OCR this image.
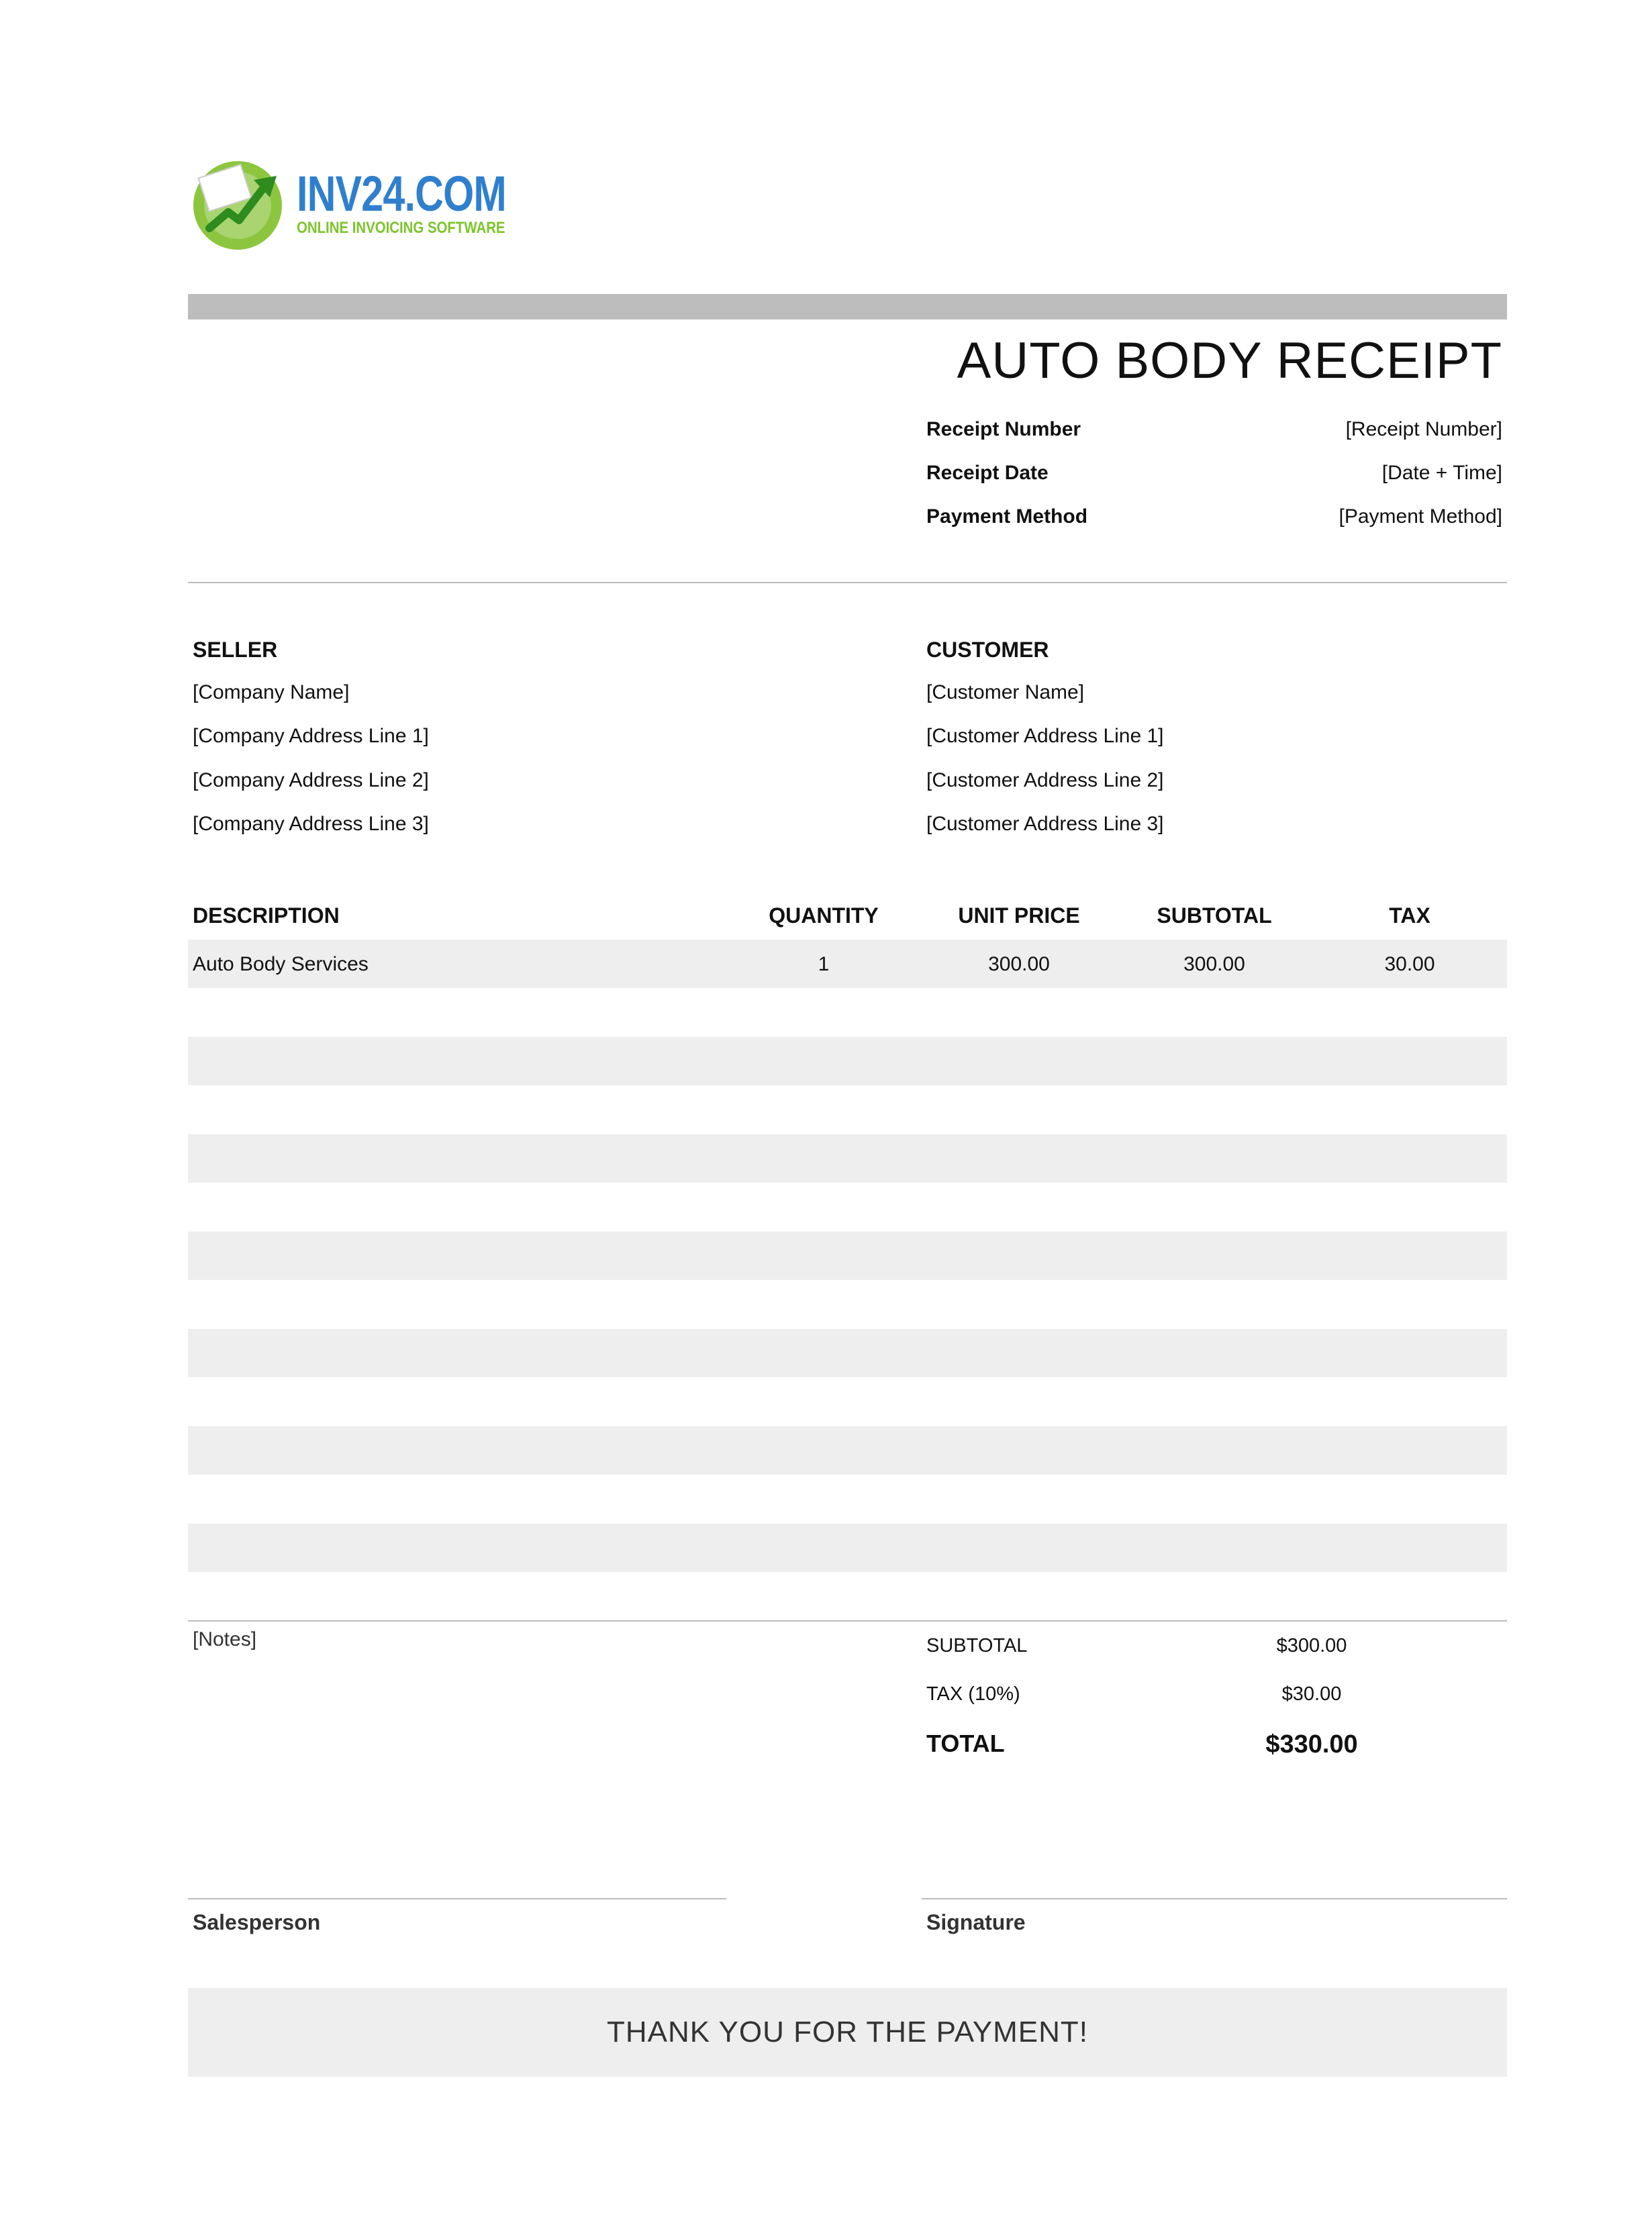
INV24.COM
ONLINE INVOICING SOFTWARE
AUTO BODY RECEIPT
Receipt Number	[Receipt Number]
Receipt Date	[Date + Time]
Payment Method	[Payment Method]
SELLER
[Company Name]
[Company Address Line 1]
[Company Address Line 2]
[Company Address Line 3]
CUSTOMER
[Customer Name]
[Customer Address Line 1]
[Customer Address Line 2]
[Customer Address Line 3]
DESCRIPTION	QUANTITY	UNIT PRICE	SUBTOTAL	TAX
Auto Body Services	1	300.00	300.00	30.00
[Notes]	SUBTOTAL	$300.00
TAX (10%)	$30.00
TOTAL	$330.00
Salesperson	Signature
THANK YOU FOR THE PAYMENT!
